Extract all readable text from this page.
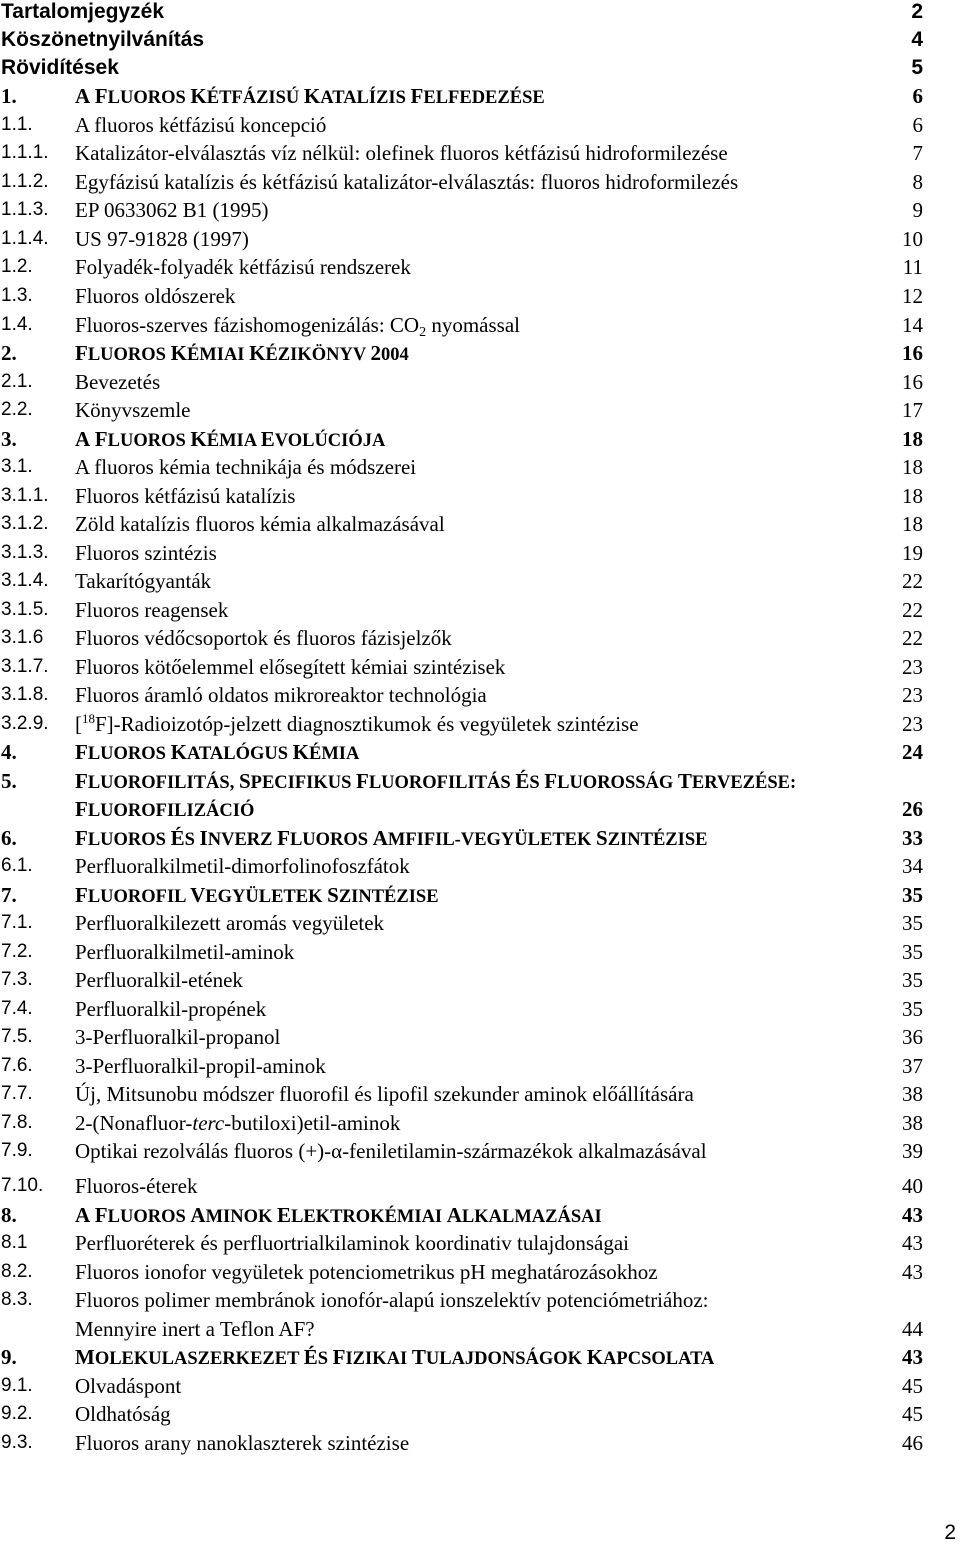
Tartalomjegyzék	2
Köszönetnyilvánítás	4
Rövidítések	5
1.	A FLUOROS KÉTFÁZISÚ KATALÍZIS FELFEDEZÉSE	6
1.1. A fluoros kétfázisú koncepció	6
1.1.1. Katalizátor-elválasztás víz nélkül: olefinek fluoros kétfázisú hidroformilezése	7
1.1.2. Egyfázisú katalízis és kétfázisú katalizátor-elválasztás: fluoros hidroformilezés	8
1.1.3. EP 0633062 B1 (1995)	9
1.1.4. US 97-91828 (1997)	10
1.2. Folyadék-folyadék kétfázisú rendszerek	11
1.3. Fluoros oldószerek	12
1.4. Fluoros-szerves fázishomogenizálás: $CO_2$ nyomással	14
2.	FLUOROS KÉMIAI KÉZIKÖNYV 2004	16
2.1. Bevezetés	16
2.2. Könyvszemle	17
3.	A FLUOROS KÉMIA EVOLÚCIÓJA	18
3.1. A fluoros kémia technikája és módszerei	18
3.1.1. Fluoros kétfázisú katalízis	18
3.1.2. Zöld katalízis fluoros kémia alkalmazásával	18
3.1.3. Fluoros szintézis	19
3.1.4. Takarítógyanták	22
3.1.5. Fluoros reagensek	22
3.1.6 Fluoros védőcsoportok és fluoros fázisjelzők	22
3.1.7. Fluoros kötőelemmel elősegített kémiai szintézisek	23
3.1.8. Fluoros áramló oldatos mikroreaktor technológia	23
3.2.9. [$^{18}$F]-Radioizotóp-jelzett diagnosztikumok és vegyületek szintézise	23
4.	FLUOROS KATALÓGUS KÉMIA	24
5.	FLUOROFILITÁS, SPECIFIKUS FLUOROFILITÁS ÉS FLUOROSSÁG TERVEZÉSE:
FLUOROFILIZÁCIÓ	26
6.	FLUOROS ÉS INVERZ FLUOROS AMFIFIL-VEGYÜLETEK SZINTÉZISE	33
6.1. Perfluoralkilmetil-dimorfolinofoszfátok	34
7.	FLUOROFIL VEGYÜLETEK SZINTÉZISE	35
7.1. Perfluoralkilezett aromás vegyületek	35
7.2. Perfluoralkilmetil-aminok	35
7.3. Perfluoralkil-etének	35
7.4. Perfluoralkil-propének	35
7.5. 3-Perfluoralkil-propanol	36
7.6. 3-Perfluoralkil-propil-aminok	37
7.7. Új, Mitsunobu módszer fluorofil és lipofil szekunder aminok előállítására	38
7.8. 2-(Nonafluor-terc-butiloxi)etil-aminok	38
7.9. Optikai rezolválás fluoros (+)-α-feniletilamin-származékok alkalmazásával	39
7.10. Fluoros-éterek	40
8.	A FLUOROS AMINOK ELEKTROKÉMIAI ALKALMAZÁSAI	43
8.1 Perfluoréterek és perfluortrialkilaminok koordinativ tulajdonságai	43
8.2. Fluoros ionofor vegyületek potenciometrikus pH meghatározásokhoz	43
8.3. Fluoros polimer membránok ionofór-alapú ionszelektív potenciómetriához:
Mennyire inert a Teflon AF?	44
9.	MOLEKULASZERKEZET ÉS FIZIKAI TULAJDONSÁGOK KAPCSOLATA	43
9.1. Olvadáspont	45
9.2. Oldhatóság	45
9.3. Fluoros arany nanoklaszterek szintézise	46
2
